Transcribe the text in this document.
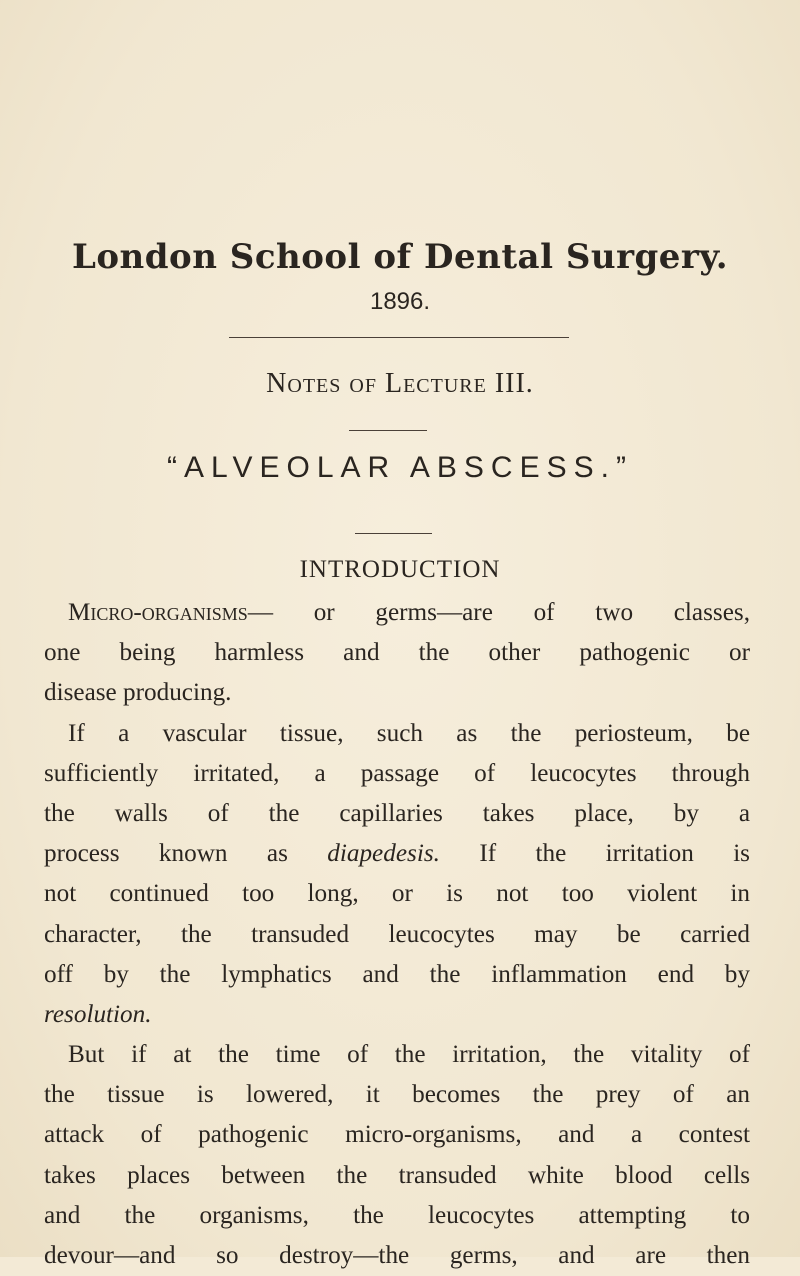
London School of Dental Surgery.
1896.
Notes of Lecture III.
“ALVEOLAR ABSCESS.”
INTRODUCTION
Micro-organisms— or germs—are of two classes,
one being harmless and the other pathogenic or
disease producing.
If a vascular tissue, such as the periosteum, be
sufficiently irritated, a passage of leucocytes through
the walls of the capillaries takes place, by a
process known as diapedesis. If the irritation is
not continued too long, or is not too violent in
character, the transuded leucocytes may be carried
off by the lymphatics and the inflammation end by
resolution.
But if at the time of the irritation, the vitality of
the tissue is lowered, it becomes the prey of an
attack of pathogenic micro-organisms, and a contest
takes places between the transuded white blood cells
and the organisms, the leucocytes attempting to
devour—and so destroy—the germs, and are then
